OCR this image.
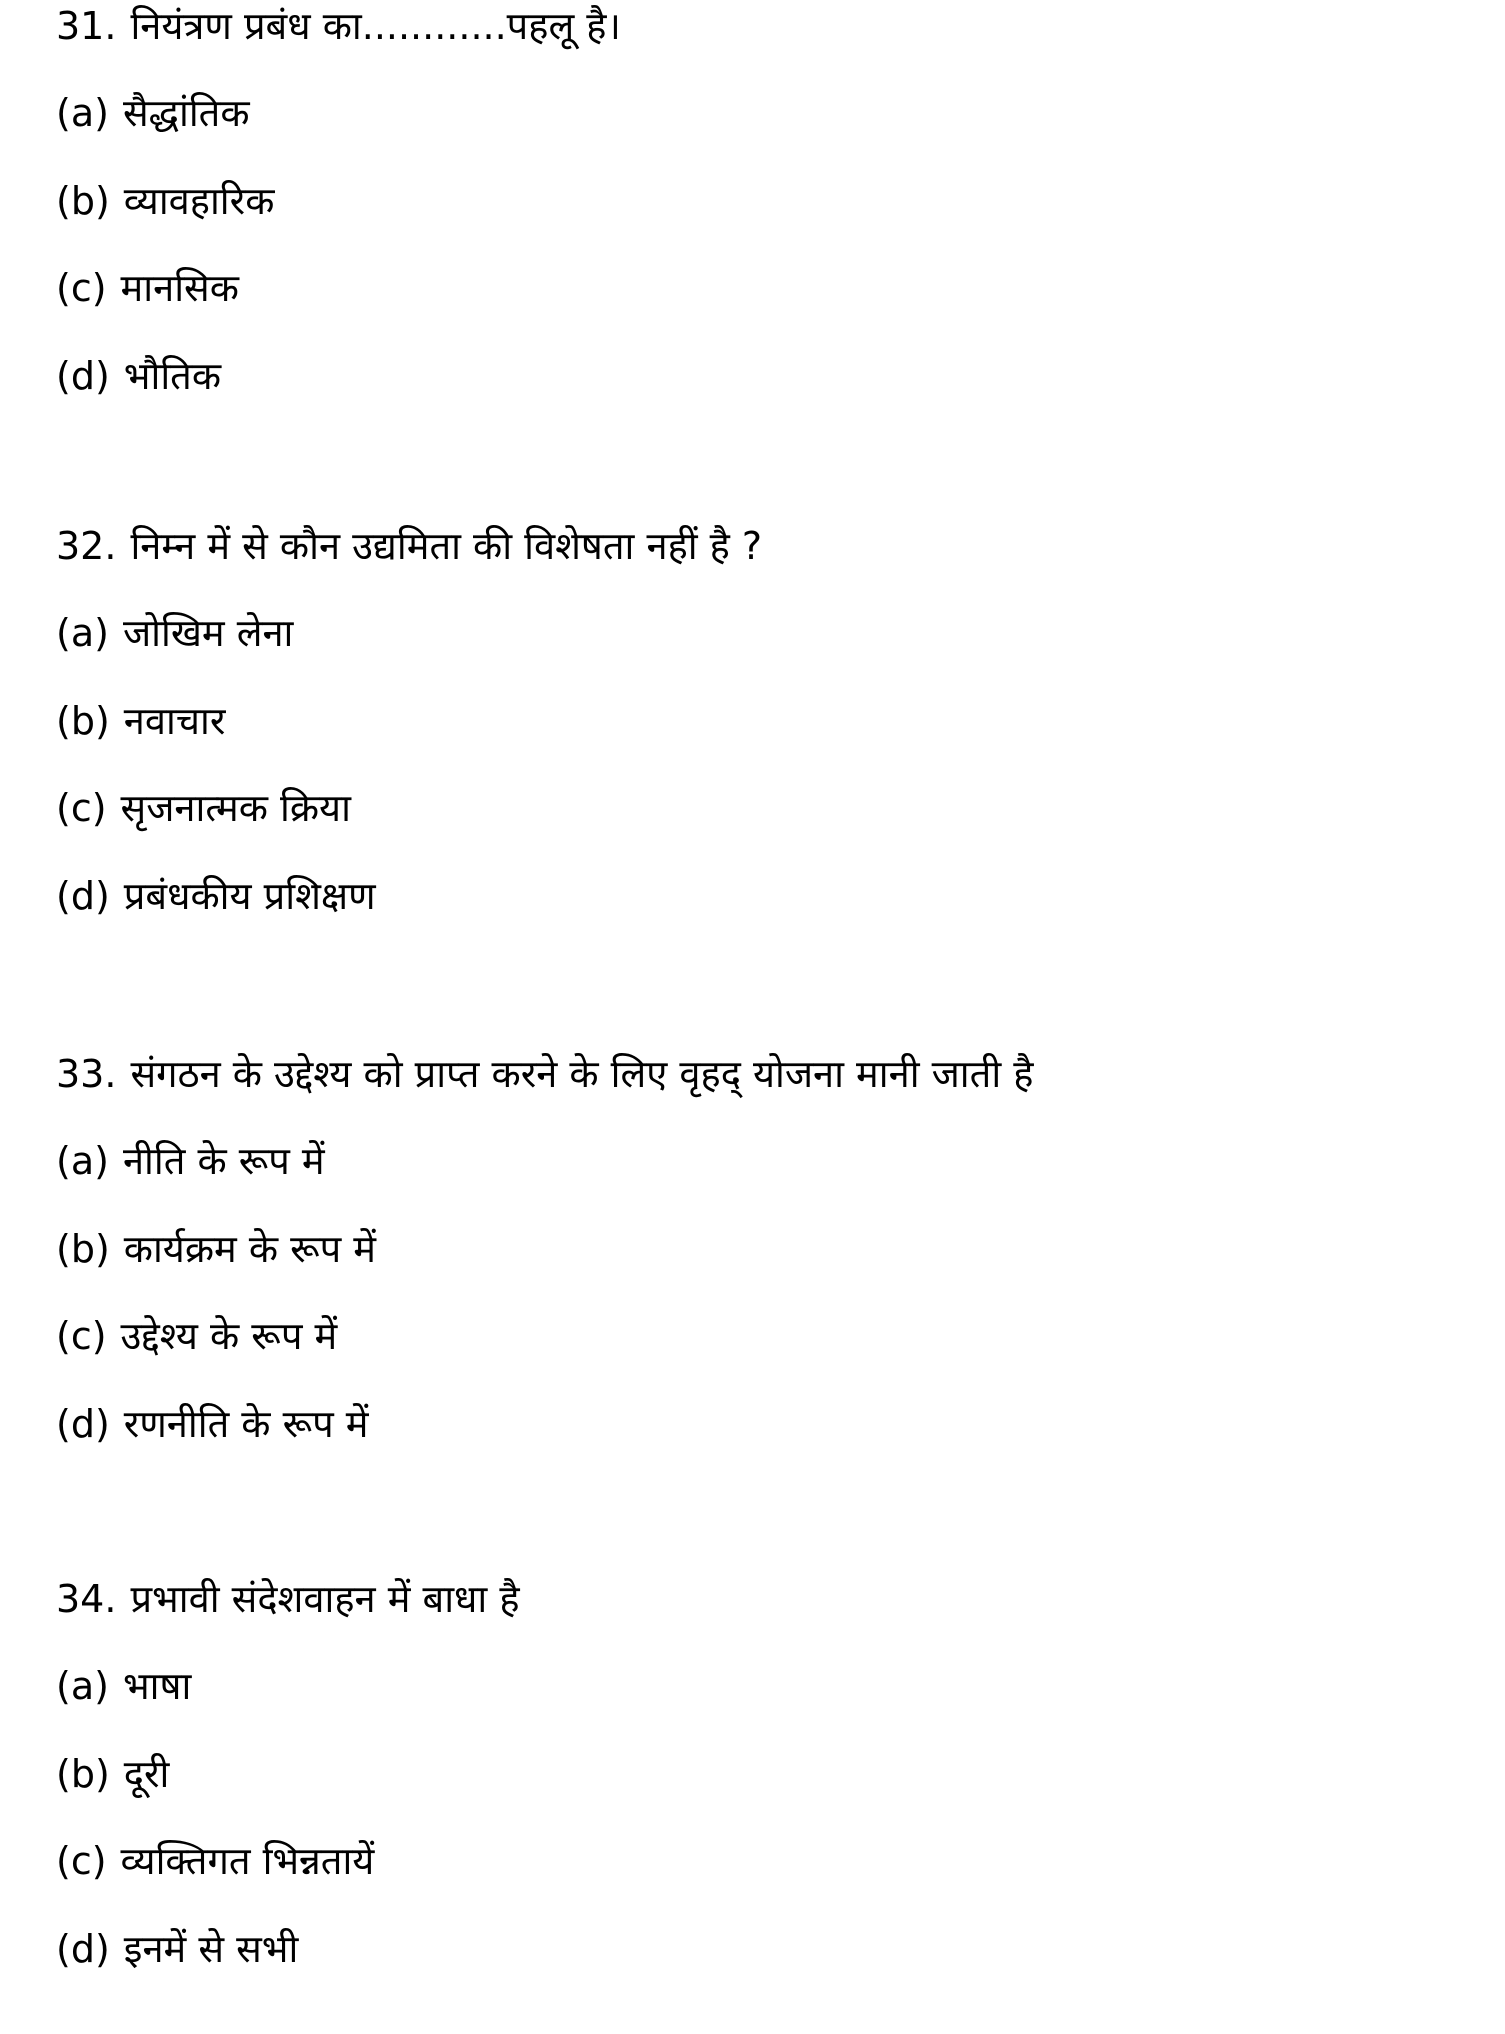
31. नियंत्रण प्रबंध का............पहलू है।
(a) सैद्धांतिक
(b) व्यावहारिक
(c) मानसिक
(d) भौतिक
32. निम्न में से कौन उद्यमिता की विशेषता नहीं है ?
(a) जोखिम लेना
(b) नवाचार
(c) सृजनात्मक क्रिया
(d) प्रबंधकीय प्रशिक्षण
33. संगठन के उद्देश्य को प्राप्त करने के लिए वृहद् योजना मानी जाती है
(a) नीति के रूप में
(b) कार्यक्रम के रूप में
(c) उद्देश्य के रूप में
(d) रणनीति के रूप में
34. प्रभावी संदेशवाहन में बाधा है
(a) भाषा
(b) दूरी
(c) व्यक्तिगत भिन्नतायें
(d) इनमें से सभी
